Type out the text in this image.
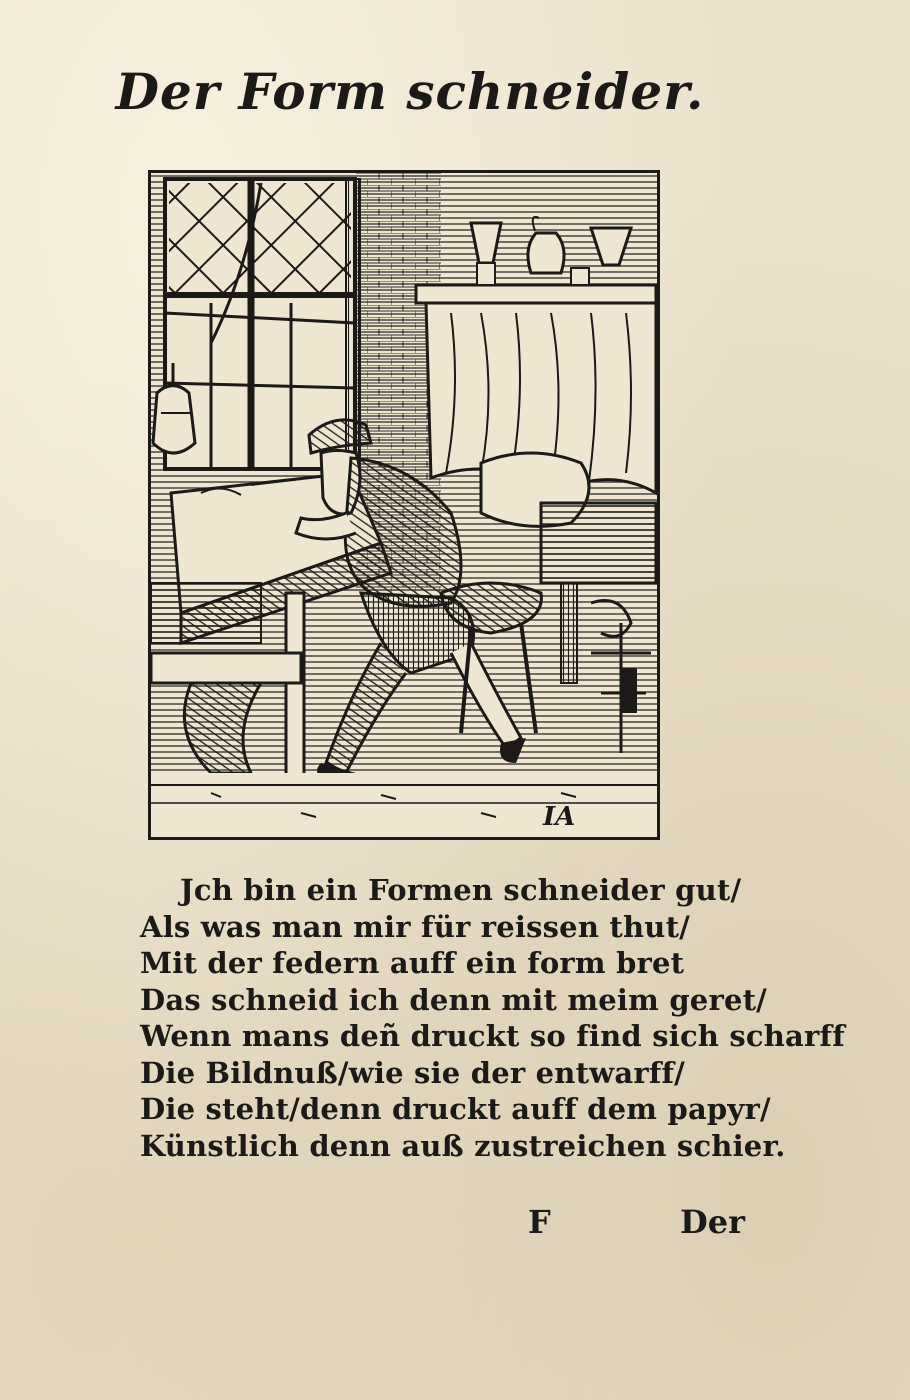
Der Form schneider.
IA
Jch bin ein Formen schneider gut/
Als was man mir für reissen thut/
Mit der federn auff ein form bret
Das schneid ich denn mit meim geret/
Wenn mans deñ druckt so find sich scharff
Die Bildnuß/wie sie der entwarff/
Die steht/denn druckt auff dem papyr/
Künstlich denn auß zustreichen schier.
F	Der
